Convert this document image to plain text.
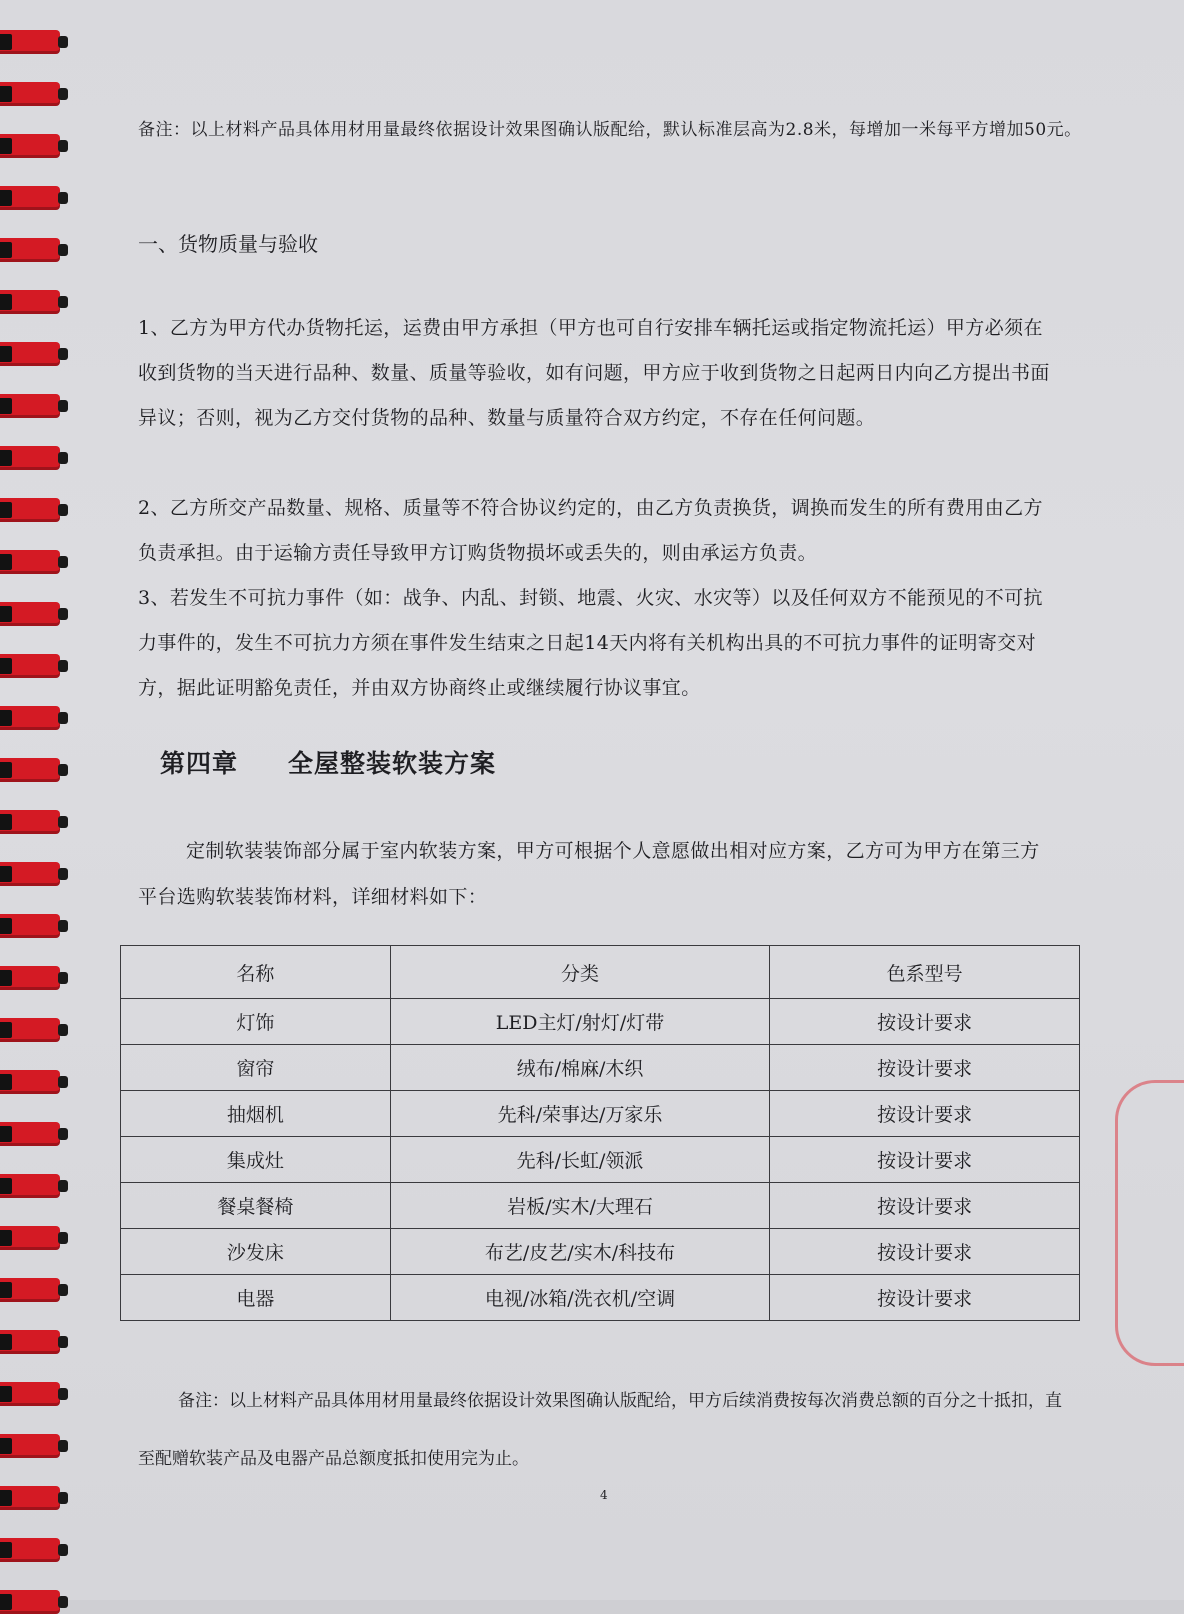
备注：以上材料产品具体用材用量最终依据设计效果图确认版配给，默认标准层高为2.8米，每增加一米每平方增加50元。
一、货物质量与验收
1、乙方为甲方代办货物托运，运费由甲方承担（甲方也可自行安排车辆托运或指定物流托运）甲方必须在收到货物的当天进行品种、数量、质量等验收，如有问题，甲方应于收到货物之日起两日内向乙方提出书面异议；否则，视为乙方交付货物的品种、数量与质量符合双方约定，不存在任何问题。
2、乙方所交产品数量、规格、质量等不符合协议约定的，由乙方负责换货，调换而发生的所有费用由乙方负责承担。由于运输方责任导致甲方订购货物损坏或丢失的，则由承运方负责。
3、若发生不可抗力事件（如：战争、内乱、封锁、地震、火灾、水灾等）以及任何双方不能预见的不可抗力事件的，发生不可抗力方须在事件发生结束之日起14天内将有关机构出具的不可抗力事件的证明寄交对方，据此证明豁免责任，并由双方协商终止或继续履行协议事宜。
第四章 全屋整装软装方案
定制软装装饰部分属于室内软装方案，甲方可根据个人意愿做出相对应方案，乙方可为甲方在第三方平台选购软装装饰材料，详细材料如下：
名称	分类	色系型号
灯饰	LED主灯/射灯/灯带	按设计要求
窗帘	绒布/棉麻/木织	按设计要求
抽烟机	先科/荣事达/万家乐	按设计要求
集成灶	先科/长虹/领派	按设计要求
餐桌餐椅	岩板/实木/大理石	按设计要求
沙发床	布艺/皮艺/实木/科技布	按设计要求
电器	电视/冰箱/洗衣机/空调	按设计要求
备注：以上材料产品具体用材用量最终依据设计效果图确认版配给，甲方后续消费按每次消费总额的百分之十抵扣，直至配赠软装产品及电器产品总额度抵扣使用完为止。
4
